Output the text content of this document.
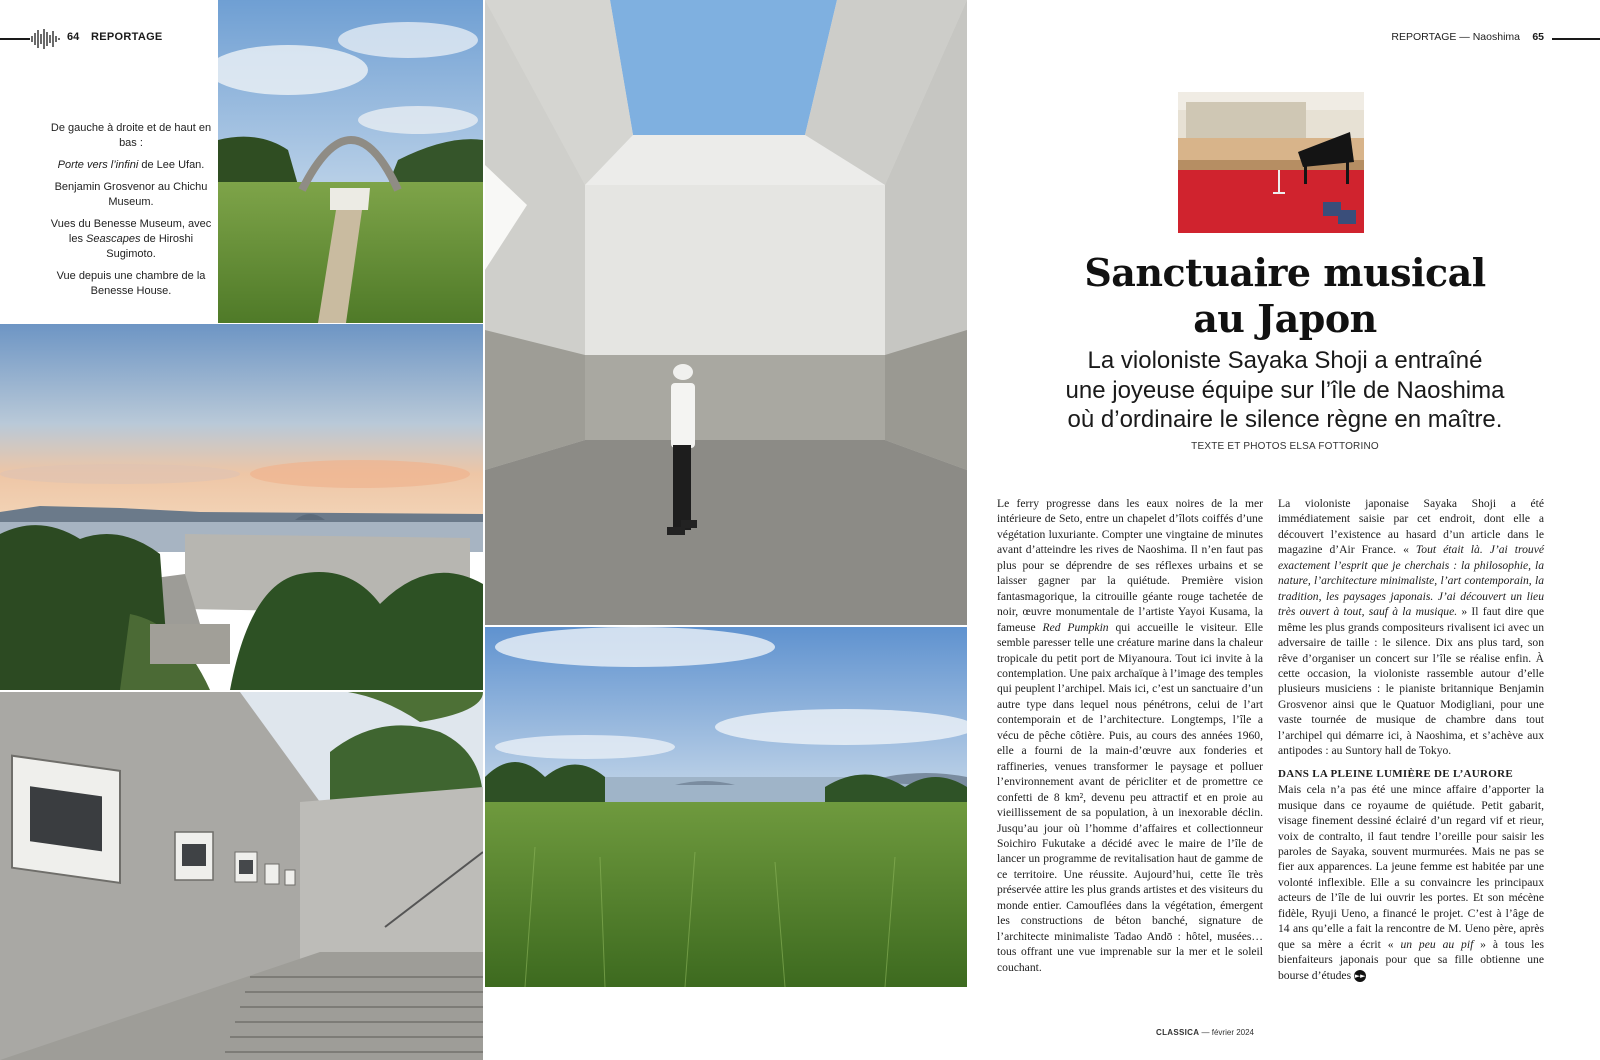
64 REPORTAGE	REPORTAGE — Naoshima 65

De gauche à droite et de haut en bas :

Porte vers l’infini de Lee Ufan.

Benjamin Grosvenor au Chichu Museum.

Vues du Benesse Museum, avec les Seascapes de Hiroshi Sugimoto.

Vue depuis une chambre de la Benesse House.	Sanctuaire musical
au Japon
La violoniste Sayaka Shoji a entraîné
une joyeuse équipe sur l’île de Naoshima
où d’ordinaire le silence règne en maître.
TEXTE ET PHOTOS ELSA FOTTORINO

Le ferry progresse dans les eaux noires de la mer intérieure de Seto, entre un chapelet d’îlots coiffés d’une végétation luxuriante. Compter une vingtaine de minutes avant d’atteindre les rives de Naoshima. Il n’en faut pas plus pour se déprendre de ses réflexes urbains et se laisser gagner par la quiétude. Première vision fantasmagorique, la citrouille géante rouge tachetée de noir, œuvre monumentale de l’artiste Yayoi Kusama, la fameuse Red Pumpkin qui accueille le visiteur. Elle semble paresser telle une créature marine dans la chaleur tropicale du petit port de Miyanoura. Tout ici invite à la contemplation. Une paix archaïque à l’image des temples qui peuplent l’archipel. Mais ici, c’est un sanctuaire d’un autre type dans lequel nous pénétrons, celui de l’art contemporain et de l’architecture. Longtemps, l’île a vécu de pêche côtière. Puis, au cours des années 1960, elle a fourni de la main-d’œuvre aux fonderies et raffineries, venues transformer le paysage et polluer l’environnement avant de péricliter et de promettre ce confetti de 8 km², devenu peu attractif et en proie au vieillissement de sa population, à un inexorable déclin. Jusqu’au jour où l’homme d’affaires et collectionneur Soichiro Fukutake a décidé avec le maire de l’île de lancer un programme de revitalisation haut de gamme de ce territoire. Une réussite. Aujourd’hui, cette île très préservée attire les plus grands artistes et des visiteurs du monde entier. Camouflées dans la végétation, émergent les constructions de béton banché, signature de l’architecte minimaliste Tadao Andō : hôtel, musées… tous offrant une vue imprenable sur la mer et le soleil couchant.

La violoniste japonaise Sayaka Shoji a été immédiatement saisie par cet endroit, dont elle a découvert l’existence au hasard d’un article dans le magazine d’Air France. « Tout était là. J’ai trouvé exactement l’esprit que je cherchais : la philosophie, la nature, l’architecture minimaliste, l’art contemporain, la tradition, les paysages japonais. J’ai découvert un lieu très ouvert à tout, sauf à la musique. » Il faut dire que même les plus grands compositeurs rivalisent ici avec un adversaire de taille : le silence. Dix ans plus tard, son rêve d’organiser un concert sur l’île se réalise enfin. À cette occasion, la violoniste rassemble autour d’elle plusieurs musiciens : le pianiste britannique Benjamin Grosvenor ainsi que le Quatuor Modigliani, pour une vaste tournée de musique de chambre dans tout l’archipel qui démarre ici, à Naoshima, et s’achève aux antipodes : au Suntory hall de Tokyo.

DANS LA PLEINE LUMIÈRE DE L’AURORE

Mais cela n’a pas été une mince affaire d’apporter la musique dans ce royaume de quiétude. Petit gabarit, visage finement dessiné éclairé d’un regard vif et rieur, voix de contralto, il faut tendre l’oreille pour saisir les paroles de Sayaka, souvent murmurées. Mais ne pas se fier aux apparences. La jeune femme est habitée par une volonté inflexible. Elle a su convaincre les principaux acteurs de l’île de lui ouvrir les portes. Et son mécène fidèle, Ryuji Ueno, a financé le projet. C’est à l’âge de 14 ans qu’elle a fait la rencontre de M. Ueno père, après que sa mère a écrit « un peu au pif » à tous les bienfaiteurs japonais pour que sa fille obtienne une bourse d’études ►►

CLASSICA — février 2024
